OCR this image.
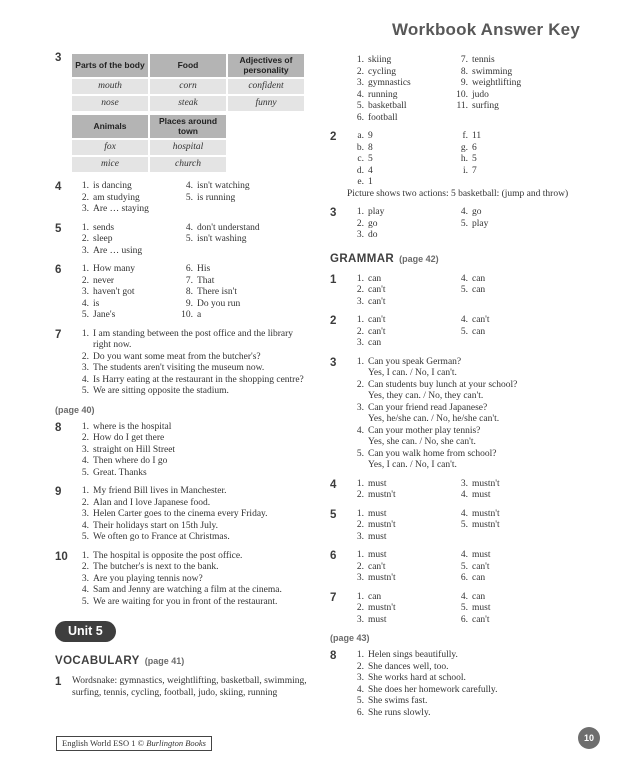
Workbook Answer Key
3
Parts of the body	Food	Adjectives of personality
mouth	corn	confident
nose	steak	funny
Animals	Places around town
fox	hospital
mice	church
4	1. is dancing
2. am studying
3. Are … staying
4. isn't watching
5. is running
5	1. sends
2. sleep
3. Are … using
4. don't understand
5. isn't washing
6	1. How many
2. never
3. haven't got
4. is
5. Jane's
6. His
7. That
8. There isn't
9. Do you run
10. a
7	1. I am standing between the post office and the library right now.
2. Do you want some meat from the butcher's?
3. The students aren't visiting the museum now.
4. Is Harry eating at the restaurant in the shopping centre?
5. We are sitting opposite the stadium.
(page 40)
8	1. where is the hospital
2. How do I get there
3. straight on Hill Street
4. Then where do I go
5. Great. Thanks
9	1. My friend Bill lives in Manchester.
2. Alan and I love Japanese food.
3. Helen Carter goes to the cinema every Friday.
4. Their holidays start on 15th July.
5. We often go to France at Christmas.
10	1. The hospital is opposite the post office.
2. The butcher's is next to the bank.
3. Are you playing tennis now?
4. Sam and Jenny are watching a film at the cinema.
5. We are waiting for you in front of the restaurant.
Unit 5
VOCABULARY (page 41)
1	Wordsnake: gymnastics, weightlifting, basketball, swimming, surfing, tennis, cycling, football, judo, skiing, running
1. skiing
2. cycling
3. gymnastics
4. running
5. basketball
6. football
7. tennis
8. swimming
9. weightlifting
10. judo
11. surfing
2	a. 9
b. 8
c. 5
d. 4
e. 1
f. 11
g. 6
h. 5
i. 7
Picture shows two actions: 5 basketball: (jump and throw)
3	1. play
2. go
3. do
4. go
5. play
GRAMMAR (page 42)
1	1. can
2. can't
3. can't
4. can
5. can
2	1. can't
2. can't
3. can
4. can't
5. can
3	1. Can you speak German?
Yes, I can. / No, I can't.
2. Can students buy lunch at your school?
Yes, they can. / No, they can't.
3. Can your friend read Japanese?
Yes, he/she can. / No, he/she can't.
4. Can your mother play tennis?
Yes, she can. / No, she can't.
5. Can you walk home from school?
Yes, I can. / No, I can't.
4	1. must
2. mustn't
3. mustn't
4. must
5	1. must
2. mustn't
3. must
4. mustn't
5. mustn't
6	1. must
2. can't
3. mustn't
4. must
5. can't
6. can
7	1. can
2. mustn't
3. must
4. can
5. must
6. can't
(page 43)
8	1. Helen sings beautifully.
2. She dances well, too.
3. She works hard at school.
4. She does her homework carefully.
5. She swims fast.
6. She runs slowly.
English World ESO 1 © Burlington Books	10
